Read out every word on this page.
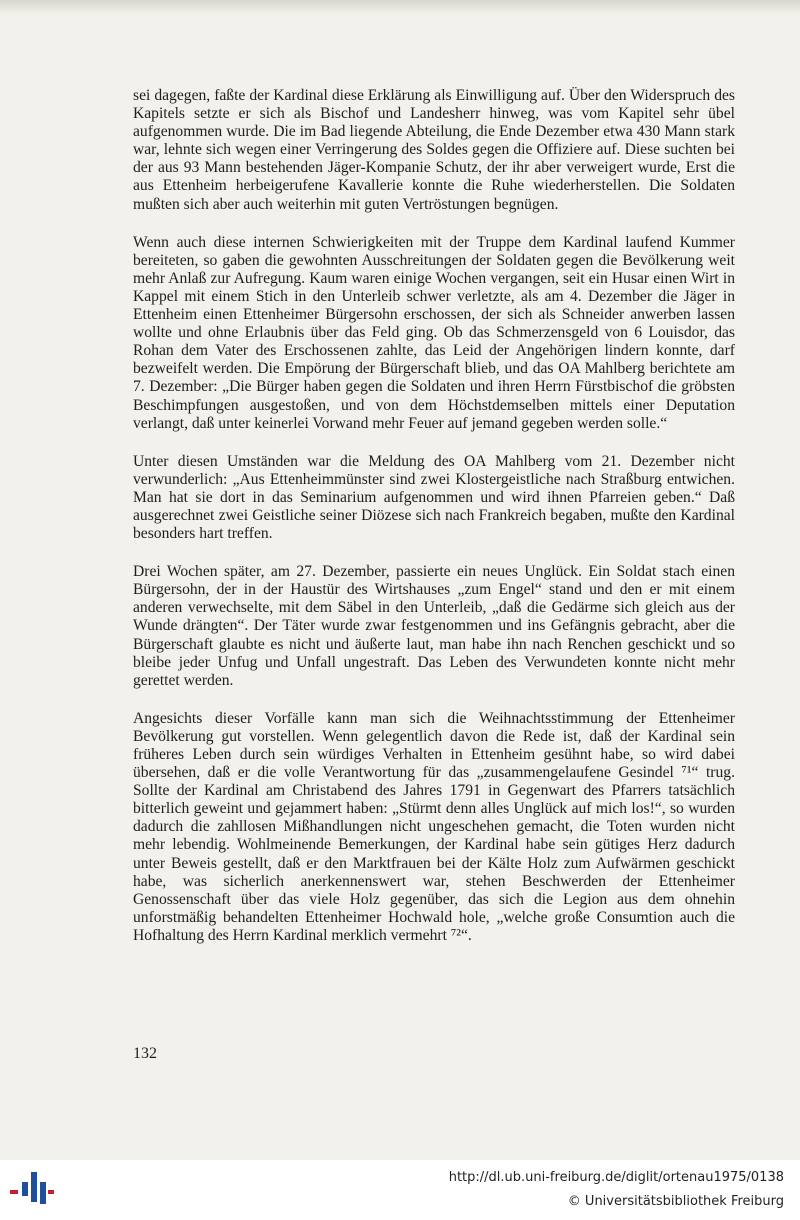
sei dagegen, faßte der Kardinal diese Erklärung als Einwilligung auf. Über den Widerspruch des Kapitels setzte er sich als Bischof und Landesherr hinweg, was vom Kapitel sehr übel aufgenommen wurde. Die im Bad liegende Abteilung, die Ende Dezember etwa 430 Mann stark war, lehnte sich wegen einer Verringerung des Soldes gegen die Offiziere auf. Diese suchten bei der aus 93 Mann bestehenden Jäger-Kompanie Schutz, der ihr aber verweigert wurde, Erst die aus Ettenheim herbeigerufene Kavallerie konnte die Ruhe wiederherstellen. Die Soldaten mußten sich aber auch weiterhin mit guten Vertröstungen begnügen.

Wenn auch diese internen Schwierigkeiten mit der Truppe dem Kardinal laufend Kummer bereiteten, so gaben die gewohnten Ausschreitungen der Soldaten gegen die Bevölkerung weit mehr Anlaß zur Aufregung. Kaum waren einige Wochen vergangen, seit ein Husar einen Wirt in Kappel mit einem Stich in den Unterleib schwer verletzte, als am 4. Dezember die Jäger in Ettenheim einen Ettenheimer Bürgersohn erschossen, der sich als Schneider anwerben lassen wollte und ohne Erlaubnis über das Feld ging. Ob das Schmerzensgeld von 6 Louisdor, das Rohan dem Vater des Erschossenen zahlte, das Leid der Angehörigen lindern konnte, darf bezweifelt werden. Die Empörung der Bürgerschaft blieb, und das OA Mahlberg berichtete am 7. Dezember: „Die Bürger haben gegen die Soldaten und ihren Herrn Fürstbischof die gröbsten Beschimpfungen ausgestoßen, und von dem Höchstdemselben mittels einer Deputation verlangt, daß unter keinerlei Vorwand mehr Feuer auf jemand gegeben werden solle.“

Unter diesen Umständen war die Meldung des OA Mahlberg vom 21. Dezember nicht verwunderlich: „Aus Ettenheimmünster sind zwei Klostergeistliche nach Straßburg entwichen. Man hat sie dort in das Seminarium aufgenommen und wird ihnen Pfarreien geben.“ Daß ausgerechnet zwei Geistliche seiner Diözese sich nach Frankreich begaben, mußte den Kardinal besonders hart treffen.

Drei Wochen später, am 27. Dezember, passierte ein neues Unglück. Ein Soldat stach einen Bürgersohn, der in der Haustür des Wirtshauses „zum Engel“ stand und den er mit einem anderen verwechselte, mit dem Säbel in den Unterleib, „daß die Gedärme sich gleich aus der Wunde drängten“. Der Täter wurde zwar festgenommen und ins Gefängnis gebracht, aber die Bürgerschaft glaubte es nicht und äußerte laut, man habe ihn nach Renchen geschickt und so bleibe jeder Unfug und Unfall ungestraft. Das Leben des Verwundeten konnte nicht mehr gerettet werden.

Angesichts dieser Vorfälle kann man sich die Weihnachtsstimmung der Ettenheimer Bevölkerung gut vorstellen. Wenn gelegentlich davon die Rede ist, daß der Kardinal sein früheres Leben durch sein würdiges Verhalten in Ettenheim gesühnt habe, so wird dabei übersehen, daß er die volle Verantwortung für das „zusammengelaufene Gesindel ⁷¹“ trug. Sollte der Kardinal am Christabend des Jahres 1791 in Gegenwart des Pfarrers tatsächlich bitterlich geweint und gejammert haben: „Stürmt denn alles Unglück auf mich los!“, so wurden dadurch die zahllosen Mißhandlungen nicht ungeschehen gemacht, die Toten wurden nicht mehr lebendig. Wohlmeinende Bemerkungen, der Kardinal habe sein gütiges Herz dadurch unter Beweis gestellt, daß er den Marktfrauen bei der Kälte Holz zum Aufwärmen geschickt habe, was sicherlich anerkennenswert war, stehen Beschwerden der Ettenheimer Genossenschaft über das viele Holz gegenüber, das sich die Legion aus dem ohnehin unforstmäßig behandelten Ettenheimer Hochwald hole, „welche große Consumtion auch die Hofhaltung des Herrn Kardinal merklich vermehrt ⁷²“.

132
http://dl.ub.uni-freiburg.de/diglit/ortenau1975/0138
© Universitätsbibliothek Freiburg
